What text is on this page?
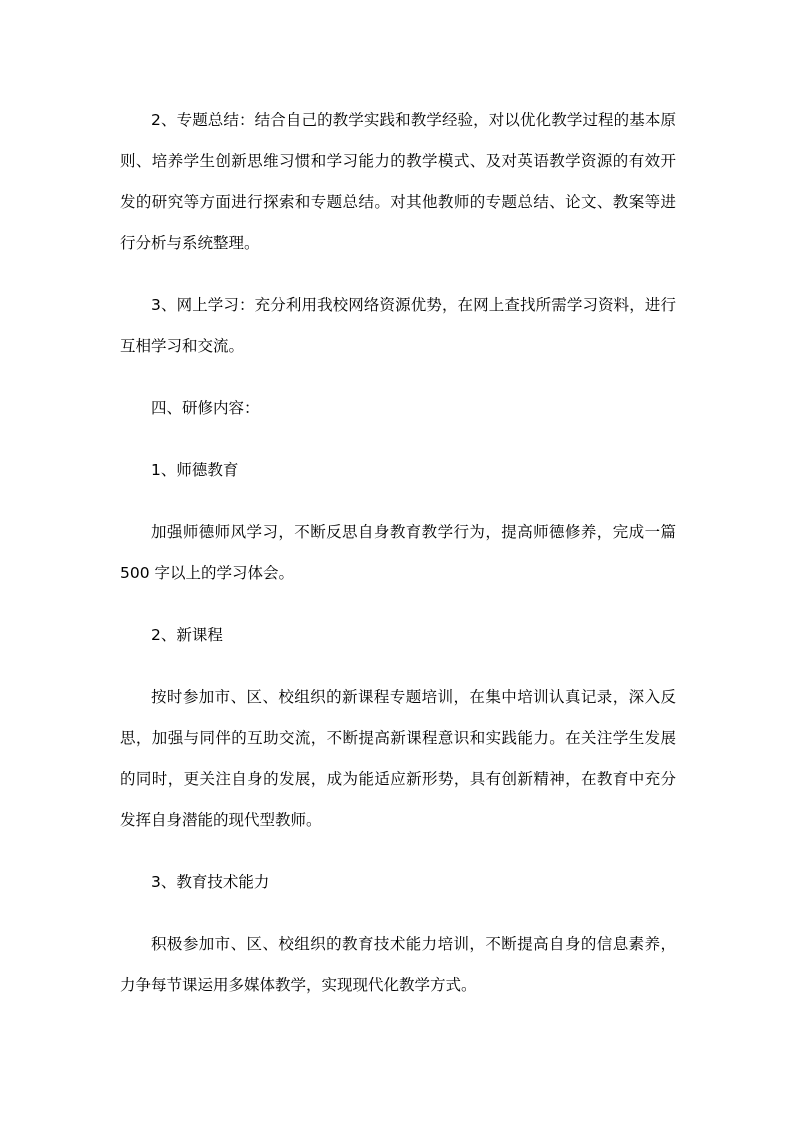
2、专题总结：结合自己的教学实践和教学经验，对以优化教学过程的基本原则、培养学生创新思维习惯和学习能力的教学模式、及对英语教学资源的有效开发的研究等方面进行探索和专题总结。对其他教师的专题总结、论文、教案等进行分析与系统整理。

3、网上学习：充分利用我校网络资源优势，在网上查找所需学习资料，进行互相学习和交流。

四、研修内容：

1、师德教育

加强师德师风学习，不断反思自身教育教学行为，提高师德修养，完成一篇 500 字以上的学习体会。

2、新课程

按时参加市、区、校组织的新课程专题培训，在集中培训认真记录，深入反思，加强与同伴的互助交流，不断提高新课程意识和实践能力。在关注学生发展的同时，更关注自身的发展，成为能适应新形势，具有创新精神，在教育中充分发挥自身潜能的现代型教师。

3、教育技术能力

积极参加市、区、校组织的教育技术能力培训，不断提高自身的信息素养，力争每节课运用多媒体教学，实现现代化教学方式。
